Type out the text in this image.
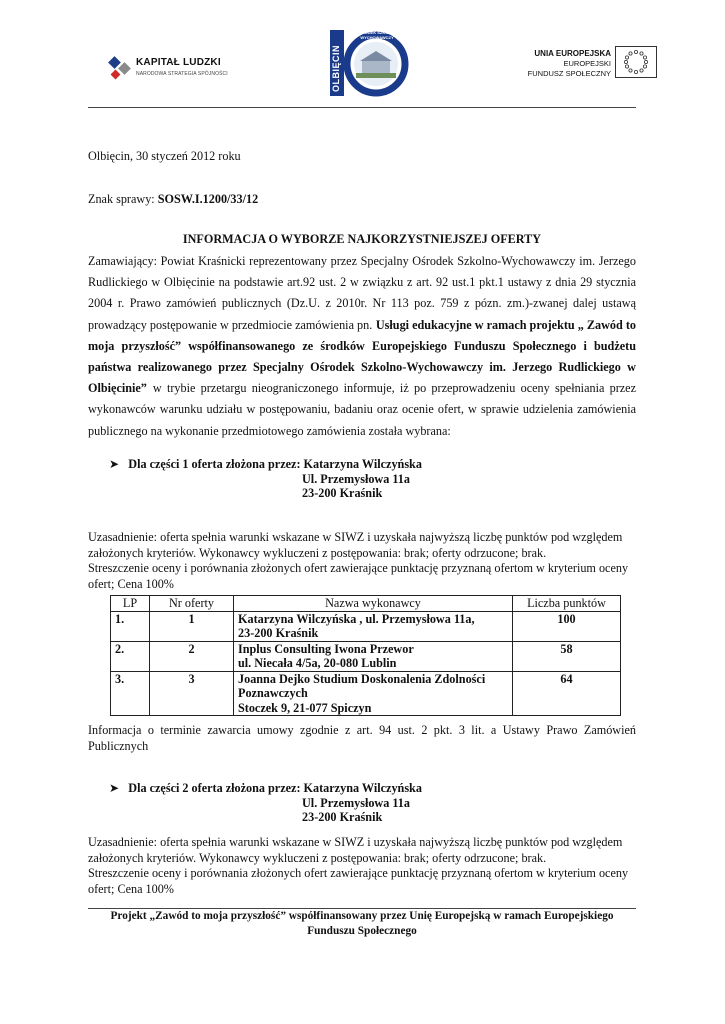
KAPITAŁ LUDZKI
NARODOWA STRATEGIA SPÓJNOŚCI	OLBIĘCIN
OŚRODEK SZKOLNO-WYCHOWAWCZY
UNIA EUROPEJSKA
EUROPEJSKI
FUNDUSZ SPOŁECZNY
Olbięcin, 30 styczeń 2012 roku
Znak sprawy: SOSW.I.1200/33/12
INFORMACJA O WYBORZE NAJKORZYSTNIEJSZEJ OFERTY
Zamawiający: Powiat Kraśnicki reprezentowany przez Specjalny Ośrodek Szkolno-Wychowawczy im. Jerzego
Rudlickiego w Olbięcinie na podstawie art.92 ust. 2 w związku z art. 92 ust.1 pkt.1 ustawy z dnia 29 stycznia
2004 r. Prawo zamówień publicznych (Dz.U. z 2010r. Nr 113 poz. 759 z pózn. zm.)-zwanej dalej ustawą
prowadzący postępowanie w przedmiocie zamówienia pn. Usługi edukacyjne w ramach projektu „ Zawód to
moja przyszłość” współfinansowanego ze środków Europejskiego Funduszu Społecznego i budżetu
państwa realizowanego przez Specjalny Ośrodek Szkolno-Wychowawczy im. Jerzego Rudlickiego w
Olbięcinie” w trybie przetargu nieograniczonego informuje, iż po przeprowadzeniu oceny spełniania przez
wykonawców warunku udziału w postępowaniu, badaniu oraz ocenie ofert, w sprawie udzielenia zamówienia
publicznego na wykonanie przedmiotowego zamówienia została wybrana:
➤ Dla części 1 oferta złożona przez: Katarzyna Wilczyńska
Ul. Przemysłowa 11a
23-200 Kraśnik
Uzasadnienie: oferta spełnia warunki wskazane w SIWZ i uzyskała najwyższą liczbę punktów pod względem
założonych kryteriów. Wykonawcy wykluczeni z postępowania: brak; oferty odrzucone; brak.
Streszczenie oceny i porównania złożonych ofert zawierające punktację przyznaną ofertom w kryterium oceny
ofert; Cena 100%
LP	Nr oferty	Nazwa wykonawcy	Liczba punktów
1.	1	Katarzyna Wilczyńska , ul. Przemysłowa 11a,
23-200 Kraśnik	100
2.	2	Inplus Consulting Iwona Przewor
ul. Niecała 4/5a, 20-080 Lublin	58
3.	3	Joanna Dejko Studium Doskonalenia Zdolności
Poznawczych
Stoczek 9, 21-077 Spiczyn	64
Informacja o terminie zawarcia umowy zgodnie z art. 94 ust. 2 pkt. 3 lit. a Ustawy Prawo Zamówień
Publicznych
➤ Dla części 2 oferta złożona przez: Katarzyna Wilczyńska
Ul. Przemysłowa 11a
23-200 Kraśnik
Uzasadnienie: oferta spełnia warunki wskazane w SIWZ i uzyskała najwyższą liczbę punktów pod względem
założonych kryteriów. Wykonawcy wykluczeni z postępowania: brak; oferty odrzucone; brak.
Streszczenie oceny i porównania złożonych ofert zawierające punktację przyznaną ofertom w kryterium oceny
ofert; Cena 100%
Projekt „Zawód to moja przyszłość” współfinansowany przez Unię Europejską w ramach Europejskiego
Funduszu Społecznego
